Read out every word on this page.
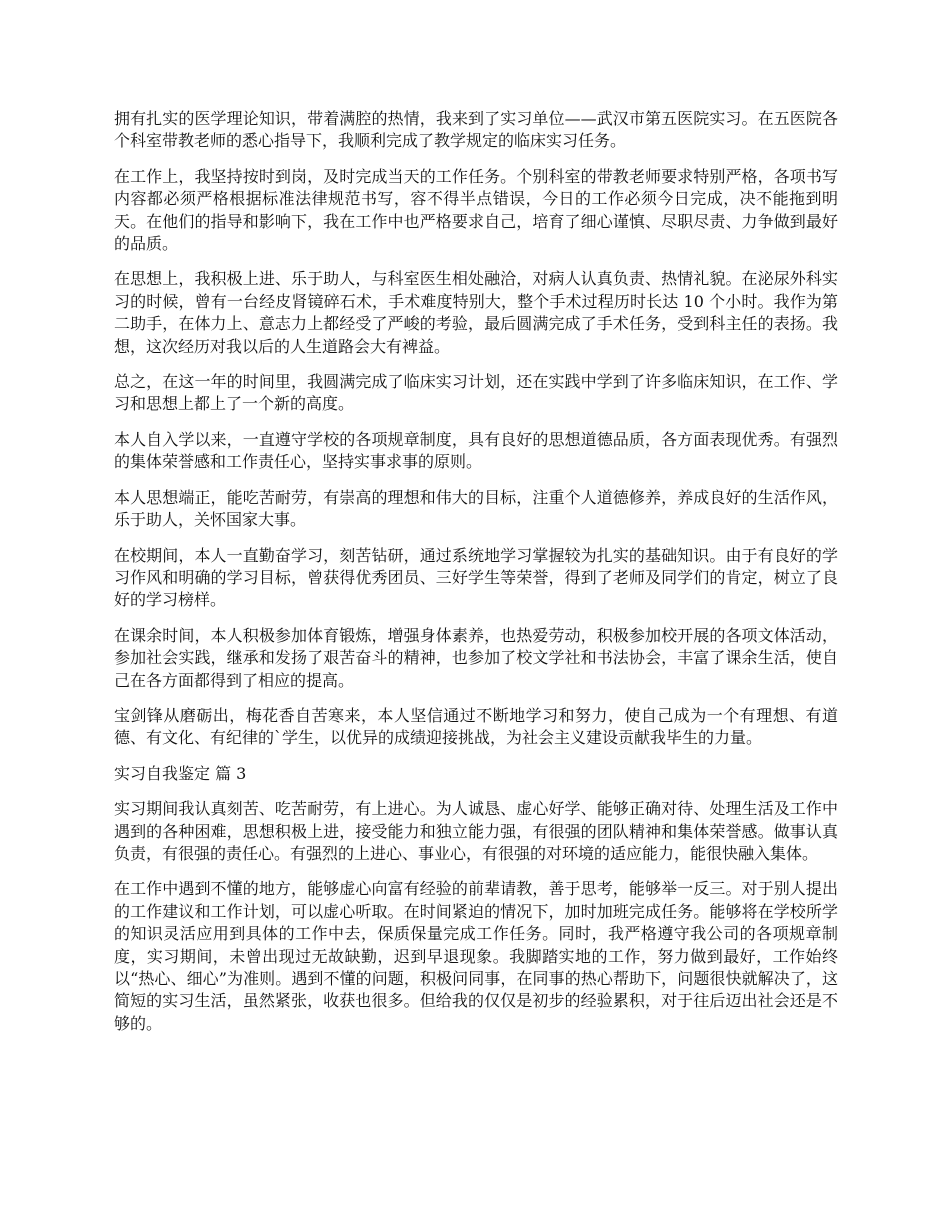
拥有扎实的医学理论知识，带着满腔的热情，我来到了实习单位——武汉市第五医院实习。在五医院各个科室带教老师的悉心指导下，我顺利完成了教学规定的临床实习任务。

在工作上，我坚持按时到岗，及时完成当天的工作任务。个别科室的带教老师要求特别严格，各项书写内容都必须严格根据标准法律规范书写，容不得半点错误，今日的工作必须今日完成，决不能拖到明天。在他们的指导和影响下，我在工作中也严格要求自己，培育了细心谨慎、尽职尽责、力争做到最好的品质。

在思想上，我积极上进、乐于助人，与科室医生相处融洽，对病人认真负责、热情礼貌。在泌尿外科实习的时候，曾有一台经皮肾镜碎石术，手术难度特别大，整个手术过程历时长达 10 个小时。我作为第二助手，在体力上、意志力上都经受了严峻的考验，最后圆满完成了手术任务，受到科主任的表扬。我想，这次经历对我以后的人生道路会大有裨益。

总之，在这一年的时间里，我圆满完成了临床实习计划，还在实践中学到了许多临床知识，在工作、学习和思想上都上了一个新的高度。

本人自入学以来，一直遵守学校的各项规章制度，具有良好的思想道德品质，各方面表现优秀。有强烈的集体荣誉感和工作责任心，坚持实事求事的原则。

本人思想端正，能吃苦耐劳，有崇高的理想和伟大的目标，注重个人道德修养，养成良好的生活作风，乐于助人，关怀国家大事。

在校期间，本人一直勤奋学习，刻苦钻研，通过系统地学习掌握较为扎实的基础知识。由于有良好的学习作风和明确的学习目标，曾获得优秀团员、三好学生等荣誉，得到了老师及同学们的肯定，树立了良好的学习榜样。

在课余时间，本人积极参加体育锻炼，增强身体素养，也热爱劳动，积极参加校开展的各项文体活动，参加社会实践，继承和发扬了艰苦奋斗的精神，也参加了校文学社和书法协会，丰富了课余生活，使自己在各方面都得到了相应的提高。

宝剑锋从磨砺出，梅花香自苦寒来，本人坚信通过不断地学习和努力，使自己成为一个有理想、有道德、有文化、有纪律的`学生，以优异的成绩迎接挑战，为社会主义建设贡献我毕生的力量。

实习自我鉴定 篇 3

实习期间我认真刻苦、吃苦耐劳，有上进心。为人诚恳、虚心好学、能够正确对待、处理生活及工作中遇到的各种困难，思想积极上进，接受能力和独立能力强，有很强的团队精神和集体荣誉感。做事认真负责，有很强的责任心。有强烈的上进心、事业心，有很强的对环境的适应能力，能很快融入集体。

在工作中遇到不懂的地方，能够虚心向富有经验的前辈请教，善于思考，能够举一反三。对于别人提出的工作建议和工作计划，可以虚心听取。在时间紧迫的情况下，加时加班完成任务。能够将在学校所学的知识灵活应用到具体的工作中去，保质保量完成工作任务。同时，我严格遵守我公司的各项规章制度，实习期间，未曾出现过无故缺勤，迟到早退现象。我脚踏实地的工作，努力做到最好，工作始终以“热心、细心”为准则。遇到不懂的问题，积极问同事，在同事的热心帮助下，问题很快就解决了，这简短的实习生活，虽然紧张，收获也很多。但给我的仅仅是初步的经验累积，对于往后迈出社会还是不够的。
